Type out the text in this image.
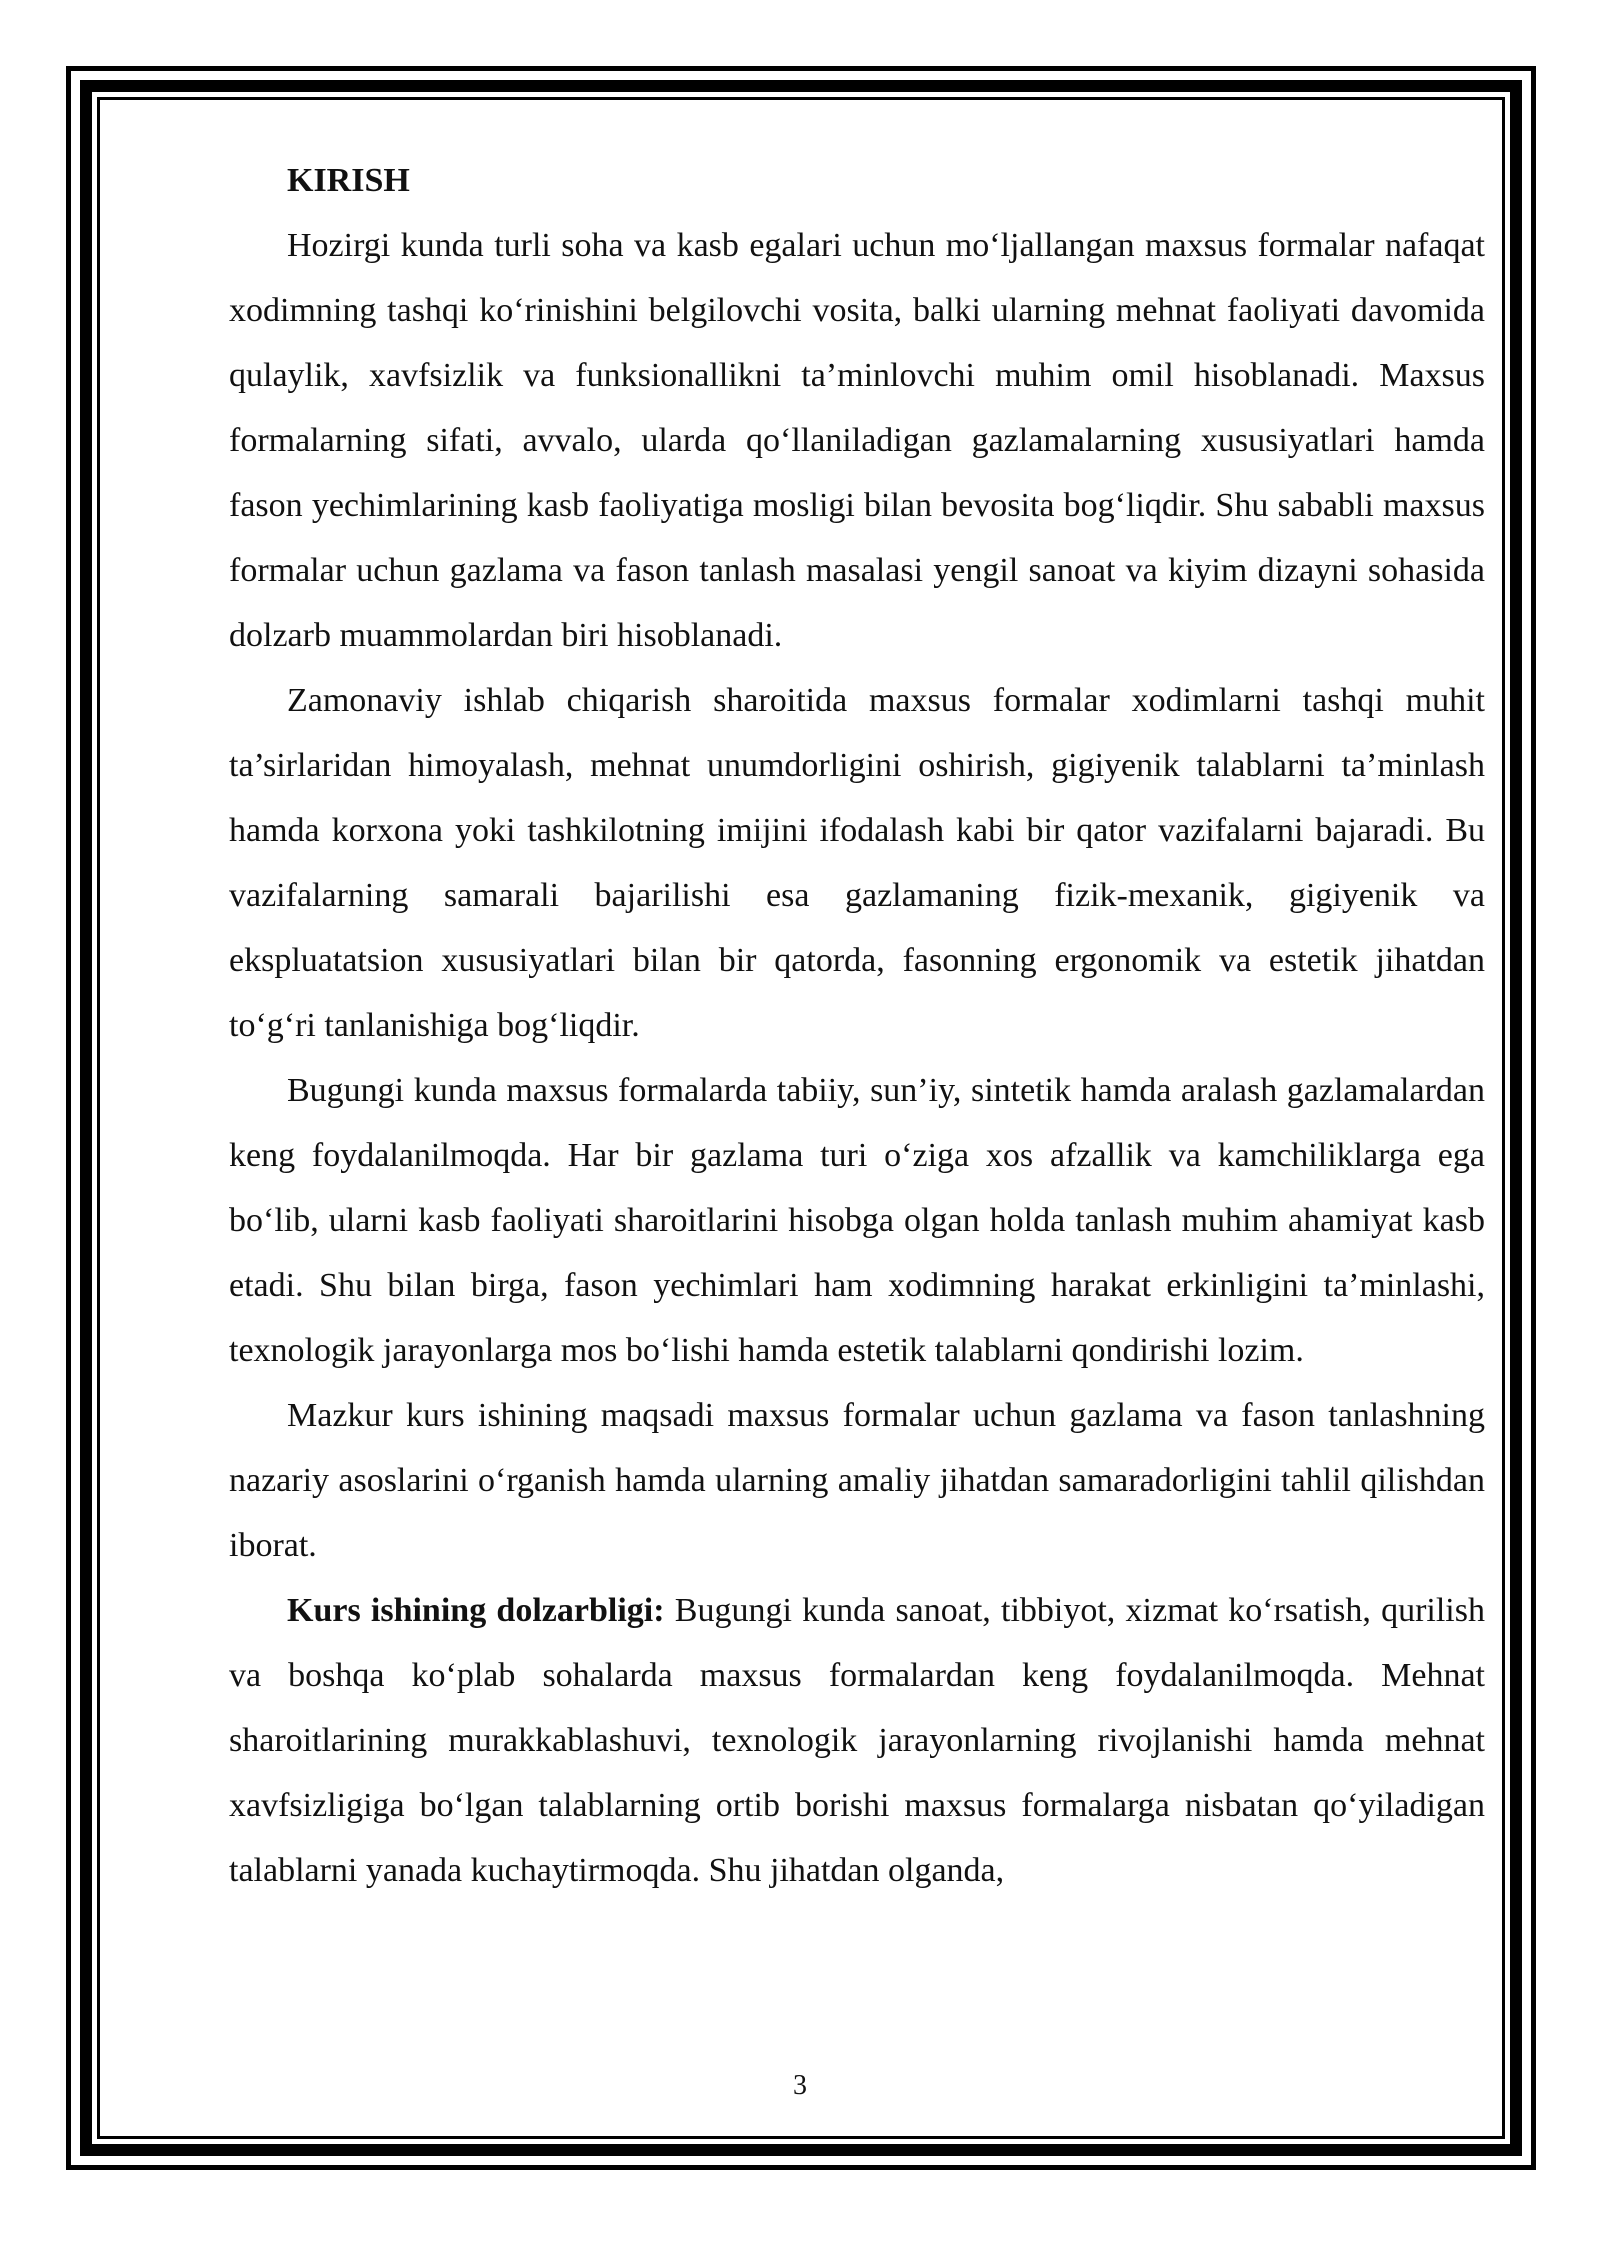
KIRISH

Hozirgi kunda turli soha va kasb egalari uchun mo‘ljallangan maxsus formalar nafaqat xodimning tashqi ko‘rinishini belgilovchi vosita, balki ularning mehnat faoliyati davomida qulaylik, xavfsizlik va funksionallikni ta’minlovchi muhim omil hisoblanadi. Maxsus formalarning sifati, avvalo, ularda qo‘llaniladigan gazlamalarning xususiyatlari hamda fason yechimlarining kasb faoliyatiga mosligi bilan bevosita bog‘liqdir. Shu sababli maxsus formalar uchun gazlama va fason tanlash masalasi yengil sanoat va kiyim dizayni sohasida dolzarb muammolardan biri hisoblanadi.

Zamonaviy ishlab chiqarish sharoitida maxsus formalar xodimlarni tashqi muhit ta’sirlaridan himoyalash, mehnat unumdorligini oshirish, gigiyenik talablarni ta’minlash hamda korxona yoki tashkilotning imijini ifodalash kabi bir qator vazifalarni bajaradi. Bu vazifalarning samarali bajarilishi esa gazlamaning fizik-mexanik, gigiyenik va ekspluatatsion xususiyatlari bilan bir qatorda, fasonning ergonomik va estetik jihatdan to‘g‘ri tanlanishiga bog‘liqdir.

Bugungi kunda maxsus formalarda tabiiy, sun’iy, sintetik hamda aralash gazlamalardan keng foydalanilmoqda. Har bir gazlama turi o‘ziga xos afzallik va kamchiliklarga ega bo‘lib, ularni kasb faoliyati sharoitlarini hisobga olgan holda tanlash muhim ahamiyat kasb etadi. Shu bilan birga, fason yechimlari ham xodimning harakat erkinligini ta’minlashi, texnologik jarayonlarga mos bo‘lishi hamda estetik talablarni qondirishi lozim.

Mazkur kurs ishining maqsadi maxsus formalar uchun gazlama va fason tanlashning nazariy asoslarini o‘rganish hamda ularning amaliy jihatdan samaradorligini tahlil qilishdan iborat.

Kurs ishining dolzarbligi: Bugungi kunda sanoat, tibbiyot, xizmat ko‘rsatish, qurilish va boshqa ko‘plab sohalarda maxsus formalardan keng foydalanilmoqda. Mehnat sharoitlarining murakkablashuvi, texnologik jarayonlarning rivojlanishi hamda mehnat xavfsizligiga bo‘lgan talablarning ortib borishi maxsus formalarga nisbatan qo‘yiladigan talablarni yanada kuchaytirmoqda. Shu jihatdan olganda,

3
